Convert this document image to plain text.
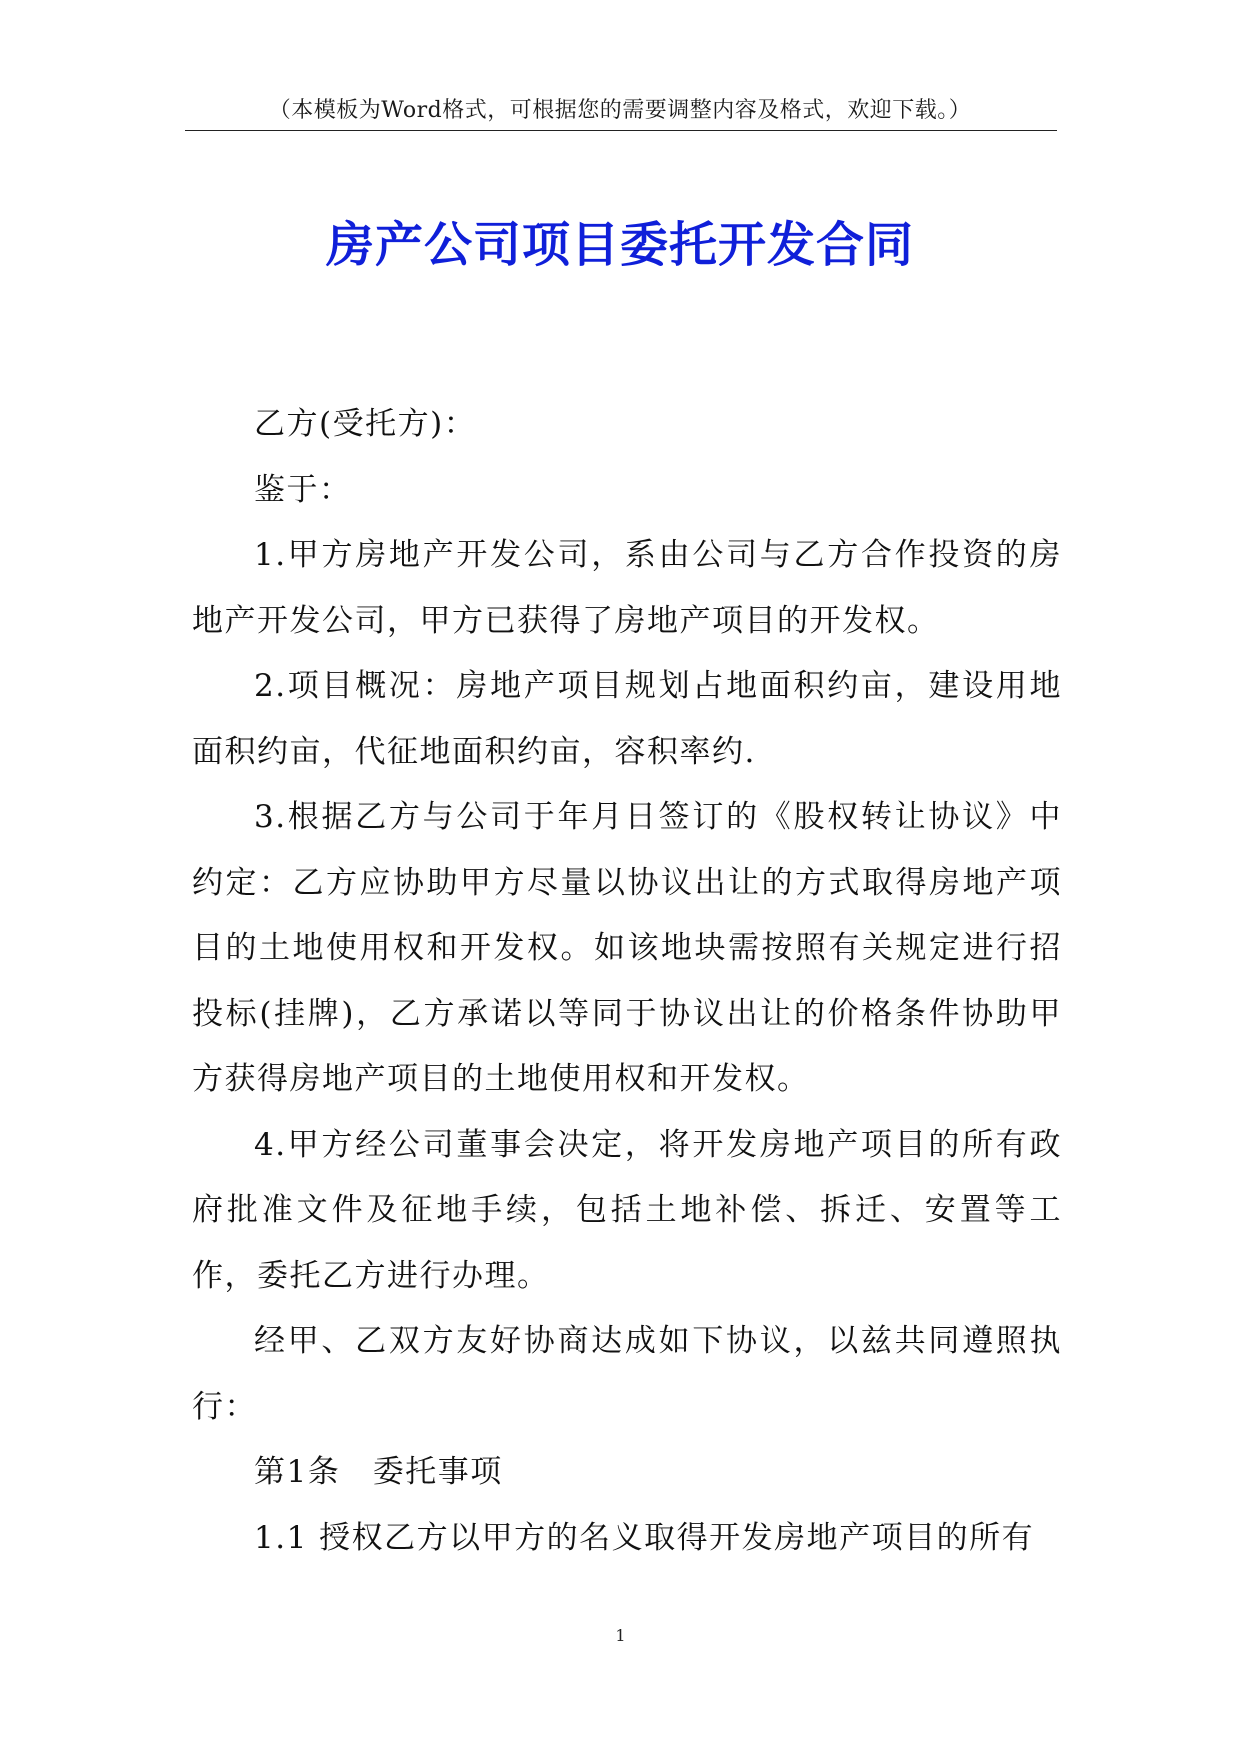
（本模板为Word格式，可根据您的需要调整内容及格式，欢迎下载。）
房产公司项目委托开发合同

乙方(受托方)：

鉴于：

1.甲方房地产开发公司，系由公司与乙方合作投资的房地产开发公司，甲方已获得了房地产项目的开发权。

2.项目概况：房地产项目规划占地面积约亩，建设用地面积约亩，代征地面积约亩，容积率约.

3.根据乙方与公司于年月日签订的《股权转让协议》中约定：乙方应协助甲方尽量以协议出让的方式取得房地产项目的土地使用权和开发权。如该地块需按照有关规定进行招投标(挂牌)，乙方承诺以等同于协议出让的价格条件协助甲方获得房地产项目的土地使用权和开发权。

4.甲方经公司董事会决定，将开发房地产项目的所有政府批准文件及征地手续，包括土地补偿、拆迁、安置等工作，委托乙方进行办理。

经甲、乙双方友好协商达成如下协议，以兹共同遵照执行：

第1条　委托事项

1.1 授权乙方以甲方的名义取得开发房地产项目的所有

1
